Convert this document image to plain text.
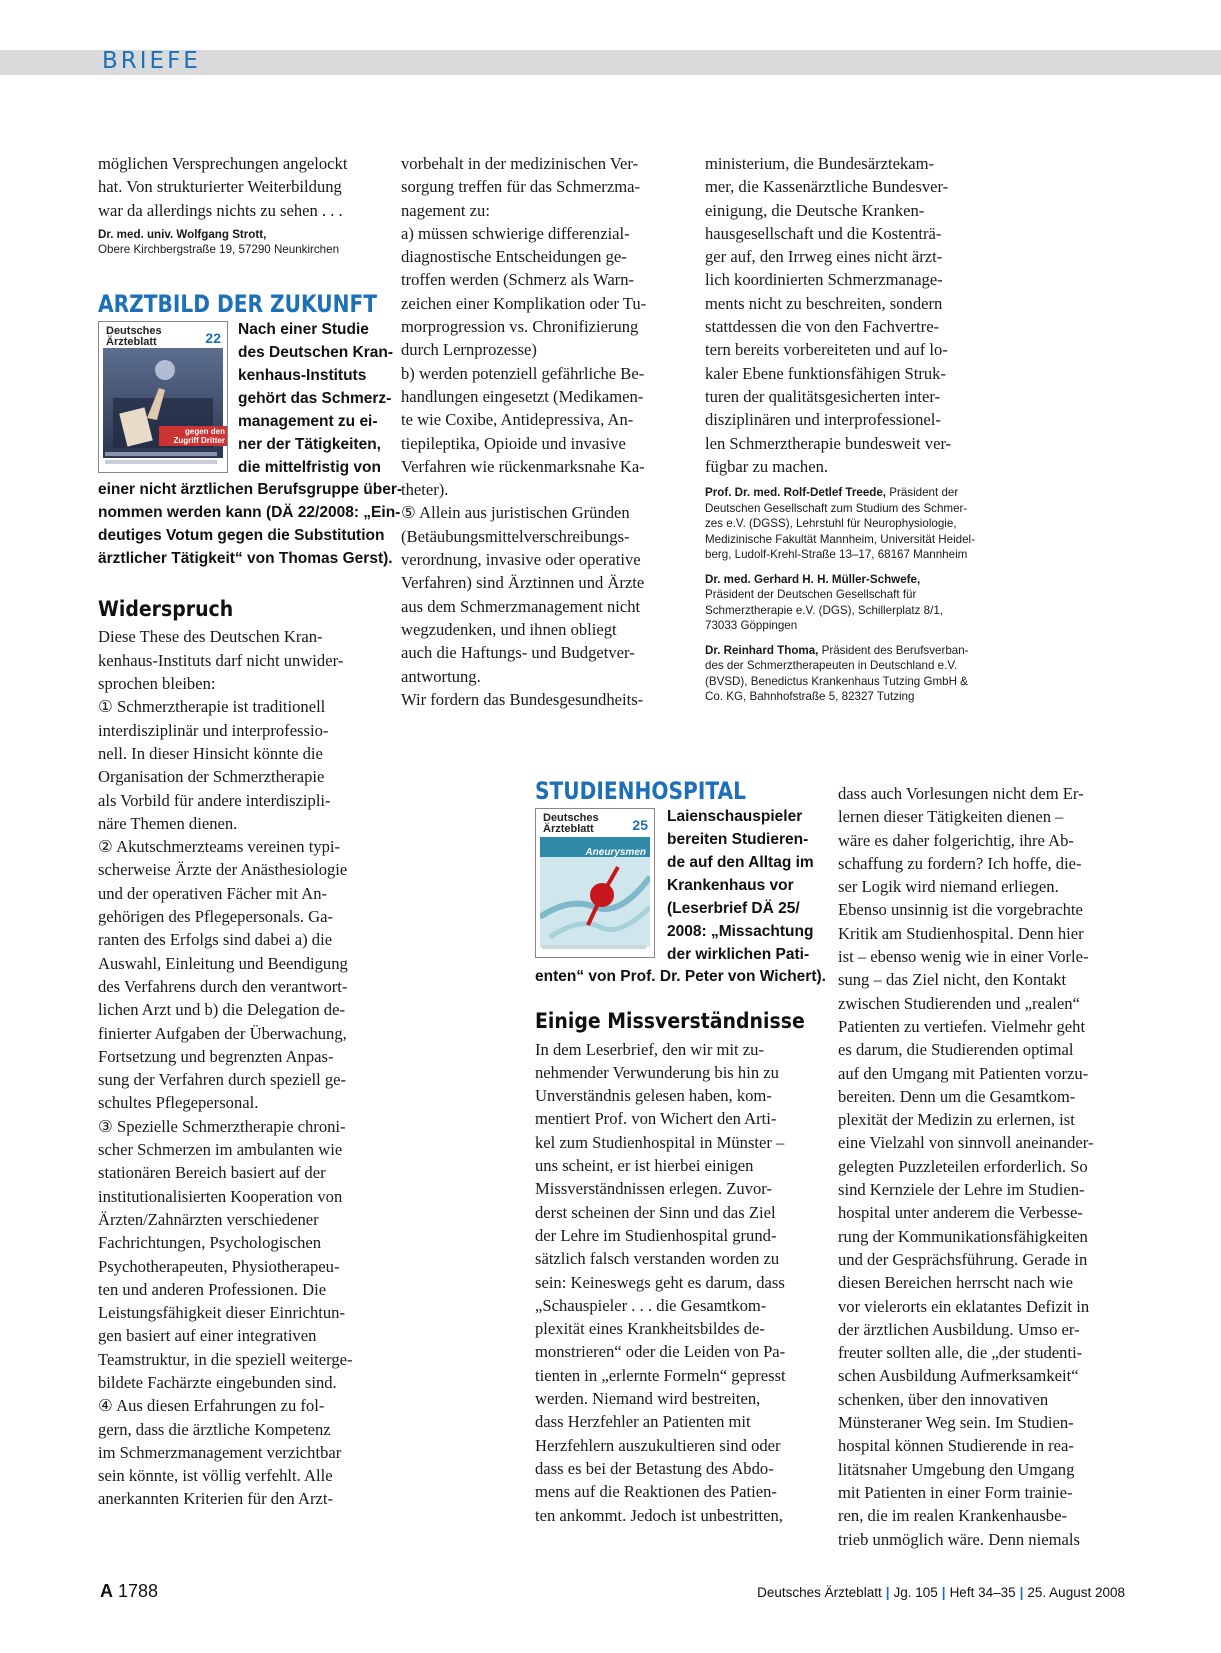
BRIEFE
möglichen Versprechungen angelockt
hat. Von strukturierter Weiterbildung
war da allerdings nichts zu sehen . . .

Dr. med. univ. Wolfgang Strott,
Obere Kirchbergstraße 19, 57290 Neunkirchen

ARZTBILD DER ZUKUNFT
Deutsches
Ärzteblatt	22
gegen den
Zugriff Dritter
Nach einer Studie
des Deutschen Kran-
kenhaus-Instituts
gehört das Schmerz-
management zu ei-
ner der Tätigkeiten,
die mittelfristig von
einer nicht ärztlichen Berufsgruppe über-
nommen werden kann (DÄ 22/2008: „Ein-
deutiges Votum gegen die Substitution
ärztlicher Tätigkeit“ von Thomas Gerst).
Widerspruch
Diese These des Deutschen Kran-
kenhaus-Instituts darf nicht unwider-
sprochen bleiben:
① Schmerztherapie ist traditionell
interdisziplinär und interprofessio-
nell. In dieser Hinsicht könnte die
Organisation der Schmerztherapie
als Vorbild für andere interdiszipli-
näre Themen dienen.
② Akutschmerzteams vereinen typi-
scherweise Ärzte der Anästhesiologie
und der operativen Fächer mit An-
gehörigen des Pflegepersonals. Ga-
ranten des Erfolgs sind dabei a) die
Auswahl, Einleitung und Beendigung
des Verfahrens durch den verantwort-
lichen Arzt und b) die Delegation de-
finierter Aufgaben der Überwachung,
Fortsetzung und begrenzten Anpas-
sung der Verfahren durch speziell ge-
schultes Pflegepersonal.
③ Spezielle Schmerztherapie chroni-
scher Schmerzen im ambulanten wie
stationären Bereich basiert auf der
institutionalisierten Kooperation von
Ärzten/Zahnärzten verschiedener
Fachrichtungen, Psychologischen
Psychotherapeuten, Physiotherapeu-
ten und anderen Professionen. Die
Leistungsfähigkeit dieser Einrichtun-
gen basiert auf einer integrativen
Teamstruktur, in die speziell weiterge-
bildete Fachärzte eingebunden sind.
④ Aus diesen Erfahrungen zu fol-
gern, dass die ärztliche Kompetenz
im Schmerzmanagement verzichtbar
sein könnte, ist völlig verfehlt. Alle
anerkannten Kriterien für den Arzt-
vorbehalt in der medizinischen Ver-
sorgung treffen für das Schmerzma-
nagement zu:
a) müssen schwierige differenzial-
diagnostische Entscheidungen ge-
troffen werden (Schmerz als Warn-
zeichen einer Komplikation oder Tu-
morprogression vs. Chronifizierung
durch Lernprozesse)
b) werden potenziell gefährliche Be-
handlungen eingesetzt (Medikamen-
te wie Coxibe, Antidepressiva, An-
tiepileptika, Opioide und invasive
Verfahren wie rückenmarksnahe Ka-
theter).
⑤ Allein aus juristischen Gründen
(Betäubungsmittelverschreibungs-
verordnung, invasive oder operative
Verfahren) sind Ärztinnen und Ärzte
aus dem Schmerzmanagement nicht
wegzudenken, und ihnen obliegt
auch die Haftungs- und Budgetver-
antwortung.
Wir fordern das Bundesgesundheits-
ministerium, die Bundesärztekam-
mer, die Kassenärztliche Bundesver-
einigung, die Deutsche Kranken-
hausgesellschaft und die Kostenträ-
ger auf, den Irrweg eines nicht ärzt-
lich koordinierten Schmerzmanage-
ments nicht zu beschreiten, sondern
stattdessen die von den Fachvertre-
tern bereits vorbereiteten und auf lo-
kaler Ebene funktionsfähigen Struk-
turen der qualitätsgesicherten inter-
disziplinären und interprofessionel-
len Schmerztherapie bundesweit ver-
fügbar zu machen.

Prof. Dr. med. Rolf-Detlef Treede, Präsident der
Deutschen Gesellschaft zum Studium des Schmer-
zes e.V. (DGSS), Lehrstuhl für Neurophysiologie,
Medizinische Fakultät Mannheim, Universität Heidel-
berg, Ludolf-Krehl-Straße 13–17, 68167 Mannheim

Dr. med. Gerhard H. H. Müller-Schwefe,
Präsident der Deutschen Gesellschaft für
Schmerztherapie e.V. (DGS), Schillerplatz 8/1,
73033 Göppingen

Dr. Reinhard Thoma, Präsident des Berufsverban-
des der Schmerztherapeuten in Deutschland e.V.
(BVSD), Benedictus Krankenhaus Tutzing GmbH &
Co. KG, Bahnhofstraße 5, 82327 Tutzing

STUDIENHOSPITAL
Deutsches
Ärzteblatt	25
Aneurysmen
Laienschauspieler
bereiten Studieren-
de auf den Alltag im
Krankenhaus vor
(Leserbrief DÄ 25/
2008: „Missachtung
der wirklichen Pati-
enten“ von Prof. Dr. Peter von Wichert).
Einige Missverständnisse
In dem Leserbrief, den wir mit zu-
nehmender Verwunderung bis hin zu
Unverständnis gelesen haben, kom-
mentiert Prof. von Wichert den Arti-
kel zum Studienhospital in Münster –
uns scheint, er ist hierbei einigen
Missverständnissen erlegen. Zuvor-
derst scheinen der Sinn und das Ziel
der Lehre im Studienhospital grund-
sätzlich falsch verstanden worden zu
sein: Keineswegs geht es darum, dass
„Schauspieler . . . die Gesamtkom-
plexität eines Krankheitsbildes de-
monstrieren“ oder die Leiden von Pa-
tienten in „erlernte Formeln“ gepresst
werden. Niemand wird bestreiten,
dass Herzfehler an Patienten mit
Herzfehlern auszukultieren sind oder
dass es bei der Betastung des Abdo-
mens auf die Reaktionen des Patien-
ten ankommt. Jedoch ist unbestritten,
dass auch Vorlesungen nicht dem Er-
lernen dieser Tätigkeiten dienen –
wäre es daher folgerichtig, ihre Ab-
schaffung zu fordern? Ich hoffe, die-
ser Logik wird niemand erliegen.
Ebenso unsinnig ist die vorgebrachte
Kritik am Studienhospital. Denn hier
ist – ebenso wenig wie in einer Vorle-
sung – das Ziel nicht, den Kontakt
zwischen Studierenden und „realen“
Patienten zu vertiefen. Vielmehr geht
es darum, die Studierenden optimal
auf den Umgang mit Patienten vorzu-
bereiten. Denn um die Gesamtkom-
plexität der Medizin zu erlernen, ist
eine Vielzahl von sinnvoll aneinander-
gelegten Puzzleteilen erforderlich. So
sind Kernziele der Lehre im Studien-
hospital unter anderem die Verbesse-
rung der Kommunikationsfähigkeiten
und der Gesprächsführung. Gerade in
diesen Bereichen herrscht nach wie
vor vielerorts ein eklatantes Defizit in
der ärztlichen Ausbildung. Umso er-
freuter sollten alle, die „der studenti-
schen Ausbildung Aufmerksamkeit“
schenken, über den innovativen
Münsteraner Weg sein. Im Studien-
hospital können Studierende in rea-
litätsnaher Umgebung den Umgang
mit Patienten in einer Form trainie-
ren, die im realen Krankenhausbe-
trieb unmöglich wäre. Denn niemals
A 1788	Deutsches Ärzteblatt | Jg. 105 | Heft 34–35 | 25. August 2008
